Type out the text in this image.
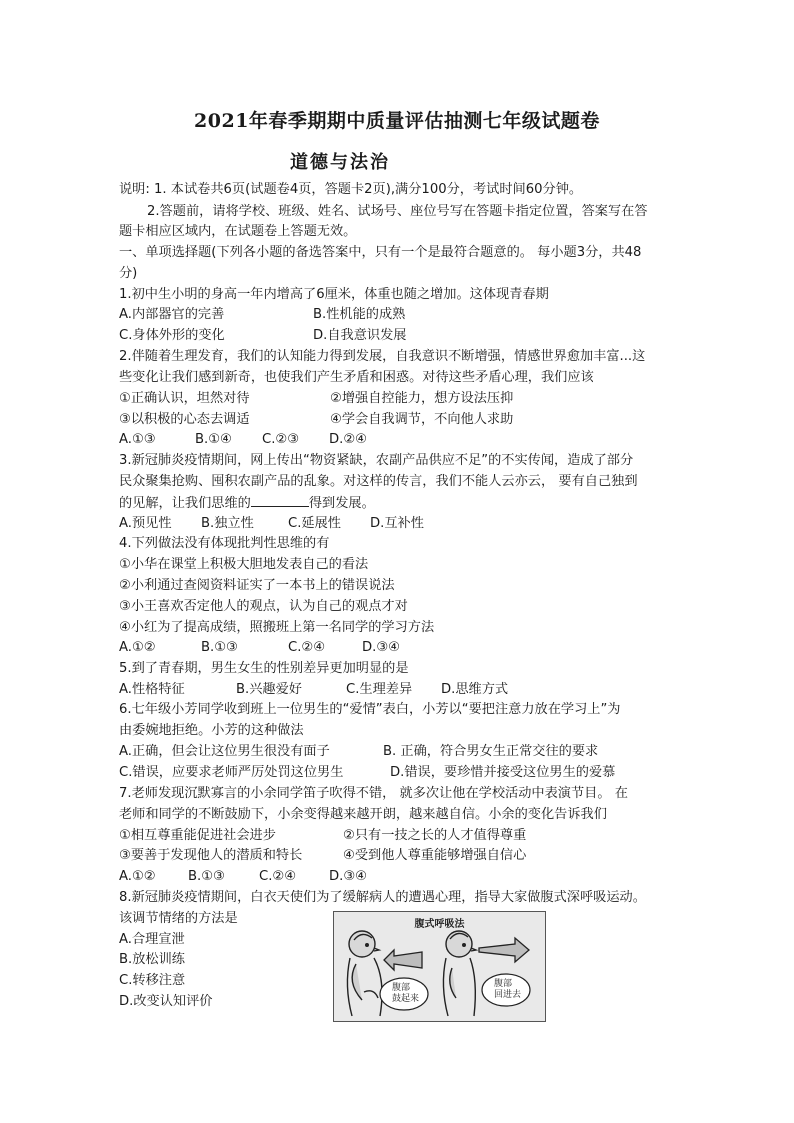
2021年春季期期中质量评估抽测七年级试题卷
道德与法治
说明: 1. 本试卷共6页(试题卷4页，答题卡2页),满分100分，考试时间60分钟。
2.答题前，请将学校、班级、姓名、试场号、座位号写在答题卡指定位置，答案写在答
题卡相应区域内，在试题卷上答题无效。
一、单项选择题(下列各小题的备选答案中，只有一个是最符合题意的。 每小题3分，共48
分)
1.初中生小明的身高一年内增高了6厘米，体重也随之增加。这体现青春期
A.内部器官的完善	B.性机能的成熟
C.身体外形的变化	D.自我意识发展
2.伴随着生理发育，我们的认知能力得到发展，自我意识不断增强，情感世界愈加丰富...这
些变化让我们感到新奇，也使我们产生矛盾和困惑。对待这些矛盾心理，我们应该
①正确认识，坦然对待	②增强自控能力，想方设法压抑
③以积极的心态去调适	④学会自我调节，不向他人求助
A.①③	B.①④ C.②③ D.②④
3.新冠肺炎疫情期间，网上传出“物资紧缺，农副产品供应不足”的不实传闻，造成了部分
民众聚集抢购、囤积农副产品的乱象。对这样的传言，我们不能人云亦云， 要有自己独到
的见解，让我们思维的	得到发展。
A.预见性 B.独立性	C.延展性 D.互补性
4.下列做法没有体现批判性思维的有
①小华在课堂上积极大胆地发表自己的看法
②小利通过查阅资料证实了一本书上的错误说法
③小王喜欢否定他人的观点，认为自己的观点才对
④小红为了提高成绩，照搬班上第一名同学的学习方法
A.①②	B.①③	C.②④	D.③④
5.到了青春期，男生女生的性别差异更加明显的是
A.性格特征	B.兴趣爱好	C.生理差异 D.思维方式
6.七年级小芳同学收到班上一位男生的“爱情”表白，小芳以“要把注意力放在学习上”为
由委婉地拒绝。小芳的这种做法
A.正确，但会让这位男生很没有面子	B. 正确，符合男女生正常交往的要求
C.错误，应要求老师严厉处罚这位男生	D.错误，要珍惜并接受这位男生的爱慕
7.老师发现沉默寡言的小余同学笛子吹得不错， 就多次让他在学校活动中表演节目。 在
老师和同学的不断鼓励下，小余变得越来越开朗，越来越自信。小余的变化告诉我们
①相互尊重能促进社会进步	②只有一技之长的人才值得尊重
③要善于发现他人的潜质和特长	④受到他人尊重能够增强自信心
A.①② B.①③	C.②④ D.③④
8.新冠肺炎疫情期间，白衣天使们为了缓解病人的遭遇心理，指导大家做腹式深呼吸运动。
该调节情绪的方法是
A.合理宣泄
B.放松训练
C.转移注意
D.改变认知评价
腹式呼吸法
腹部
鼓起来
腹部
回进去
